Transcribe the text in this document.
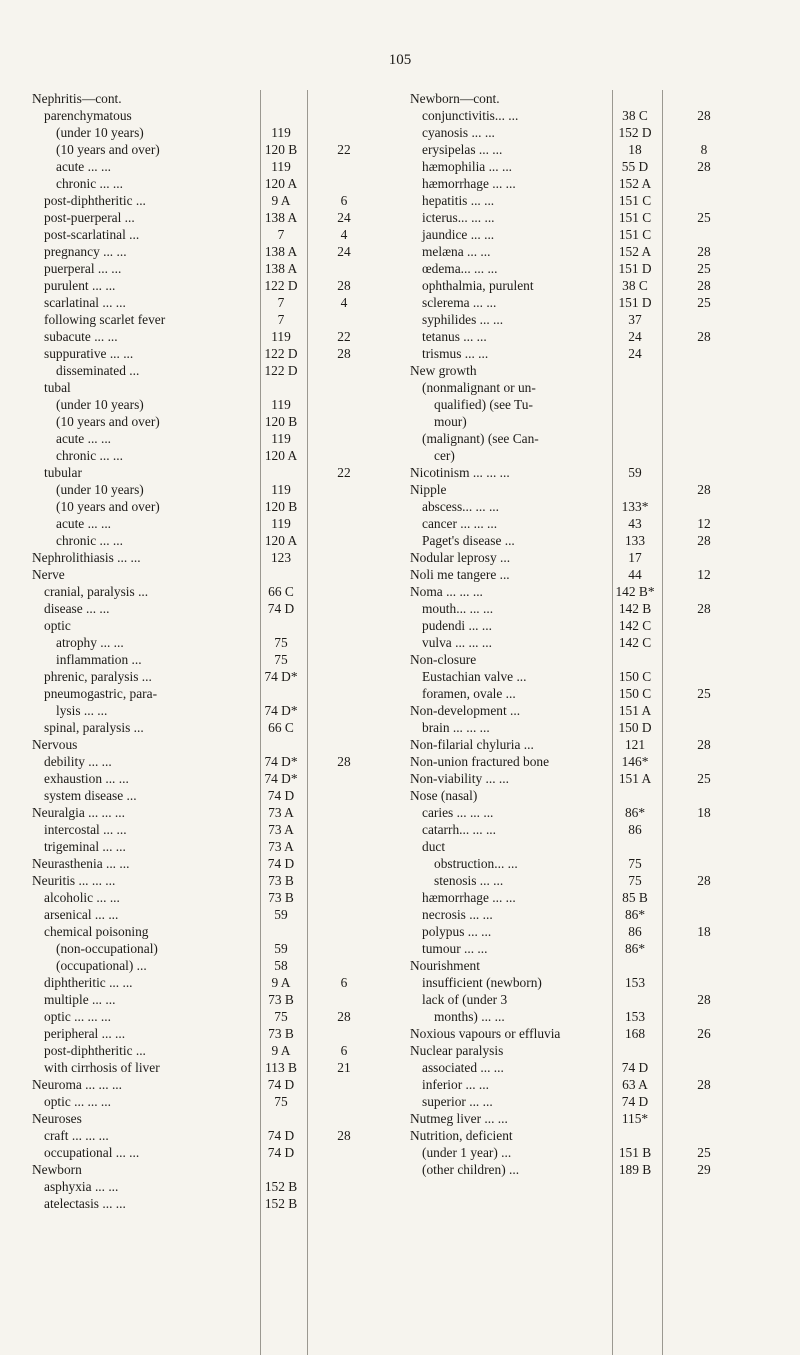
105
Nephritis—cont.
parenchymatous
(under 10 years)	119
(10 years and over)	120 B	22
acute ... ...	119
chronic ... ...	120 A
post-diphtheritic ...	9 A	6
post-puerperal ...	138 A	24
post-scarlatinal ...	7	4
pregnancy ... ...	138 A	24
puerperal ... ...	138 A
purulent ... ...	122 D	28
scarlatinal ... ...	7	4
following scarlet fever	7
subacute ... ...	119	22
suppurative ... ...	122 D	28
disseminated ...	122 D
tubal
(under 10 years)	119
(10 years and over)	120 B
acute ... ...	119
chronic ... ...	120 A
tubular	22
(under 10 years)	119
(10 years and over)	120 B
acute ... ...	119
chronic ... ...	120 A
Nephrolithiasis ... ...	123
Nerve
cranial, paralysis ...	66 C
disease ... ...	74 D
optic
atrophy ... ...	75
inflammation ...	75
phrenic, paralysis ...	74 D*
pneumogastric, para-
lysis ... ...	74 D*
spinal, paralysis ...	66 C
Nervous
debility ... ...	74 D*	28
exhaustion ... ...	74 D*
system disease ...	74 D
Neuralgia ... ... ...	73 A
intercostal ... ...	73 A
trigeminal ... ...	73 A
Neurasthenia ... ...	74 D
Neuritis ... ... ...	73 B
alcoholic ... ...	73 B
arsenical ... ...	59
chemical poisoning
(non-occupational)	59
(occupational) ...	58
diphtheritic ... ...	9 A	6
multiple ... ...	73 B
optic ... ... ...	75	28
peripheral ... ...	73 B
post-diphtheritic ...	9 A	6
with cirrhosis of liver	113 B	21
Neuroma ... ... ...	74 D
optic ... ... ...	75
Neuroses
craft ... ... ...	74 D	28
occupational ... ...	74 D
Newborn
asphyxia ... ...	152 B
atelectasis ... ...	152 B
Newborn—cont.
conjunctivitis... ...	38 C	28
cyanosis ... ...	152 D
erysipelas ... ...	18	8
hæmophilia ... ...	55 D	28
hæmorrhage ... ...	152 A
hepatitis ... ...	151 C
icterus... ... ...	151 C	25
jaundice ... ...	151 C
melæna ... ...	152 A	28
œdema... ... ...	151 D	25
ophthalmia, purulent	38 C	28
sclerema ... ...	151 D	25
syphilides ... ...	37
tetanus ... ...	24	28
trismus ... ...	24
New growth
(nonmalignant or un-
qualified) (see Tu-
mour)
(malignant) (see Can-
cer)
Nicotinism ... ... ...	59
Nipple	28
abscess... ... ...	133*
cancer ... ... ...	43	12
Paget's disease ...	133	28
Nodular leprosy ...	17
Noli me tangere ...	44	12
Noma ... ... ...	142 B*
mouth... ... ...	142 B	28
pudendi ... ...	142 C
vulva ... ... ...	142 C
Non-closure
Eustachian valve ...	150 C
foramen, ovale ...	150 C	25
Non-development ...	151 A
brain ... ... ...	150 D
Non-filarial chyluria ...	121	28
Non-union fractured bone	146*
Non-viability ... ...	151 A	25
Nose (nasal)
caries ... ... ...	86*	18
catarrh... ... ...	86
duct
obstruction... ...	75
stenosis ... ...	75	28
hæmorrhage ... ...	85 B
necrosis ... ...	86*
polypus ... ...	86	18
tumour ... ...	86*
Nourishment
insufficient (newborn)	153
lack of (under 3	28
months) ... ...	153
Noxious vapours or effluvia	168	26
Nuclear paralysis
associated ... ...	74 D
inferior ... ...	63 A	28
superior ... ...	74 D
Nutmeg liver ... ...	115*
Nutrition, deficient
(under 1 year) ...	151 B	25
(other children) ...	189 B	29
